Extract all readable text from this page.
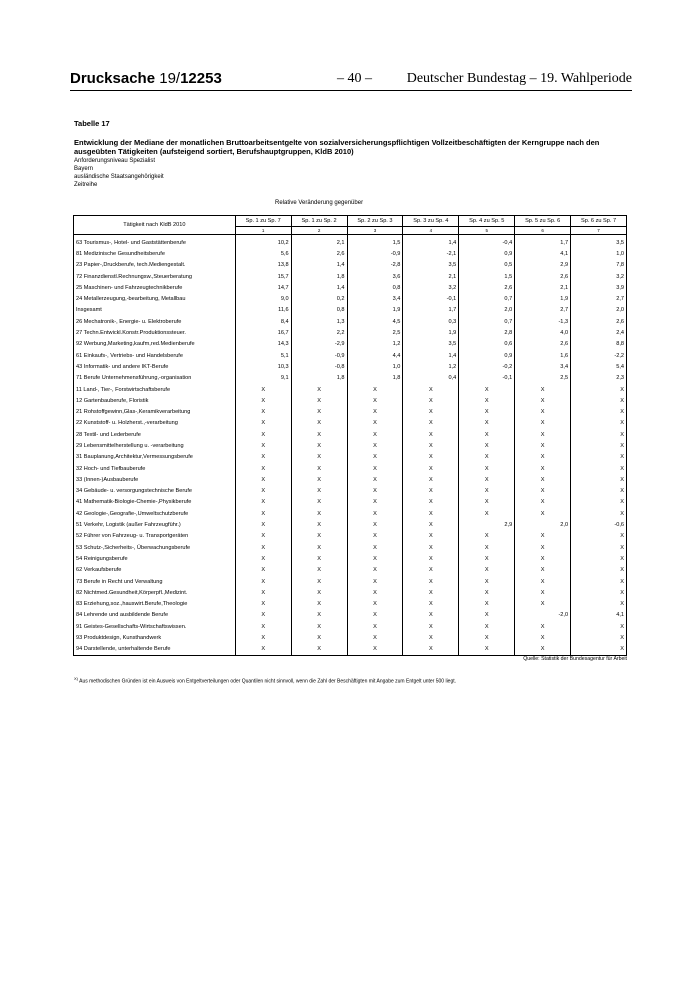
Drucksache 19/12253	– 40 – Deutscher Bundestag – 19. Wahlperiode
Tabelle 17
Entwicklung der Mediane der monatlichen Bruttoarbeitsentgelte von sozialversicherungspflichtigen Vollzeitbeschäftigten der Kerngruppe nach den ausgeübten Tätigkeiten (aufsteigend sortiert, Berufshauptgruppen, KldB 2010)
Anforderungsniveau Spezialist
Bayern
ausländische Staatsangehörigkeit
Zeitreihe
Relative Veränderung gegenüber
Tätigkeit nach KldB 2010	Sp. 1 zu Sp. 7	Sp. 1 zu Sp. 2	Sp. 2 zu Sp. 3	Sp. 3 zu Sp. 4	Sp. 4 zu Sp. 5	Sp. 5 zu Sp. 6	Sp. 6 zu Sp. 7
	1	2	3	4	5	6	7
63 Tourismus-, Hotel- und Gaststättenberufe	10,2	2,1	1,5	1,4	-0,4	1,7	3,5
81 Medizinische Gesundheitsberufe	5,6	2,6	-0,9	-2,1	0,9	4,1	1,0
23 Papier-,Druckberufe, tech.Mediengestalt.	13,8	1,4	-2,8	3,5	0,5	2,9	7,8
72 Finanzdienstl.Rechnungsw.,Steuerberatung	15,7	1,8	3,6	2,1	1,5	2,6	3,2
25 Maschinen- und Fahrzeugtechnikberufe	14,7	1,4	0,8	3,2	2,6	2,1	3,9
24 Metallerzeugung,-bearbeitung, Metallbau	9,0	0,2	3,4	-0,1	0,7	1,9	2,7
Insgesamt	11,6	0,8	1,9	1,7	2,0	2,7	2,0
26 Mechatronik-, Energie- u. Elektroberufe	8,4	1,3	4,5	0,3	0,7	-1,3	2,6
27 Techn.Entwickl.Konstr.Produktionssteuer.	16,7	2,2	2,5	1,9	2,8	4,0	2,4
92 Werbung,Marketing,kaufm,red.Medienberufe	14,3	-2,9	1,2	3,5	0,6	2,6	8,8
61 Einkaufs-, Vertriebs- und Handelsberufe	5,1	-0,9	4,4	1,4	0,9	1,6	-2,2
43 Informatik- und andere IKT-Berufe	10,3	-0,8	1,0	1,2	-0,2	3,4	5,4
71 Berufe Unternehmensführung,-organisation	9,1	1,8	1,8	0,4	-0,1	2,5	2,3
11 Land-, Tier-, Forstwirtschaftsberufe	X	X	X	X	X	X	X
12 Gartenbauberufe, Floristik	X	X	X	X	X	X	X
21 Rohstoffgewinn,Glas-,Keramikverarbeitung	X	X	X	X	X	X	X
22 Kunststoff- u. Holzherst.,-verarbeitung	X	X	X	X	X	X	X
28 Textil- und Lederberufe	X	X	X	X	X	X	X
29 Lebensmittelherstellung u. -verarbeitung	X	X	X	X	X	X	X
31 Bauplanung,Architektur,Vermessungsberufe	X	X	X	X	X	X	X
32 Hoch- und Tiefbauberufe	X	X	X	X	X	X	X
33 (Innen-)Ausbauberufe	X	X	X	X	X	X	X
34 Gebäude- u. versorgungstechnische Berufe	X	X	X	X	X	X	X
41 Mathematik-Biologie-Chemie-,Physikberufe	X	X	X	X	X	X	X
42 Geologie-,Geografie-,Umweltschutzberufe	X	X	X	X	X	X	X
51 Verkehr, Logistik (außer Fahrzeugführ.)	X	X	X	X	2,9	2,0	-0,6
52 Führer von Fahrzeug- u. Transportgeräten	X	X	X	X	X	X	X
53 Schutz-,Sicherheits-, Überwachungsberufe	X	X	X	X	X	X	X
54 Reinigungsberufe	X	X	X	X	X	X	X
62 Verkaufsberufe	X	X	X	X	X	X	X
73 Berufe in Recht und Verwaltung	X	X	X	X	X	X	X
82 Nichtmed.Gesundheit,Körperpfl.,Medizint.	X	X	X	X	X	X	X
83 Erziehung,soz.,hauswirt.Berufe,Theologie	X	X	X	X	X	X	X
84 Lehrende und ausbildende Berufe	X	X	X	X	X	-2,0	4,1
91 Geistes-Gesellschafts-Wirtschaftswissen.	X	X	X	X	X	X	X
93 Produktdesign, Kunsthandwerk	X	X	X	X	X	X	X
94 Darstellende, unterhaltende Berufe	X	X	X	X	X	X	X
Quelle: Statistik der Bundesagentur für Arbeit
$^{X)}$ Aus methodischen Gründen ist ein Ausweis von Entgeltverteilungen oder Quantilen nicht sinnvoll, wenn die Zahl der Beschäftigten mit Angabe zum Entgelt unter 500 liegt.
